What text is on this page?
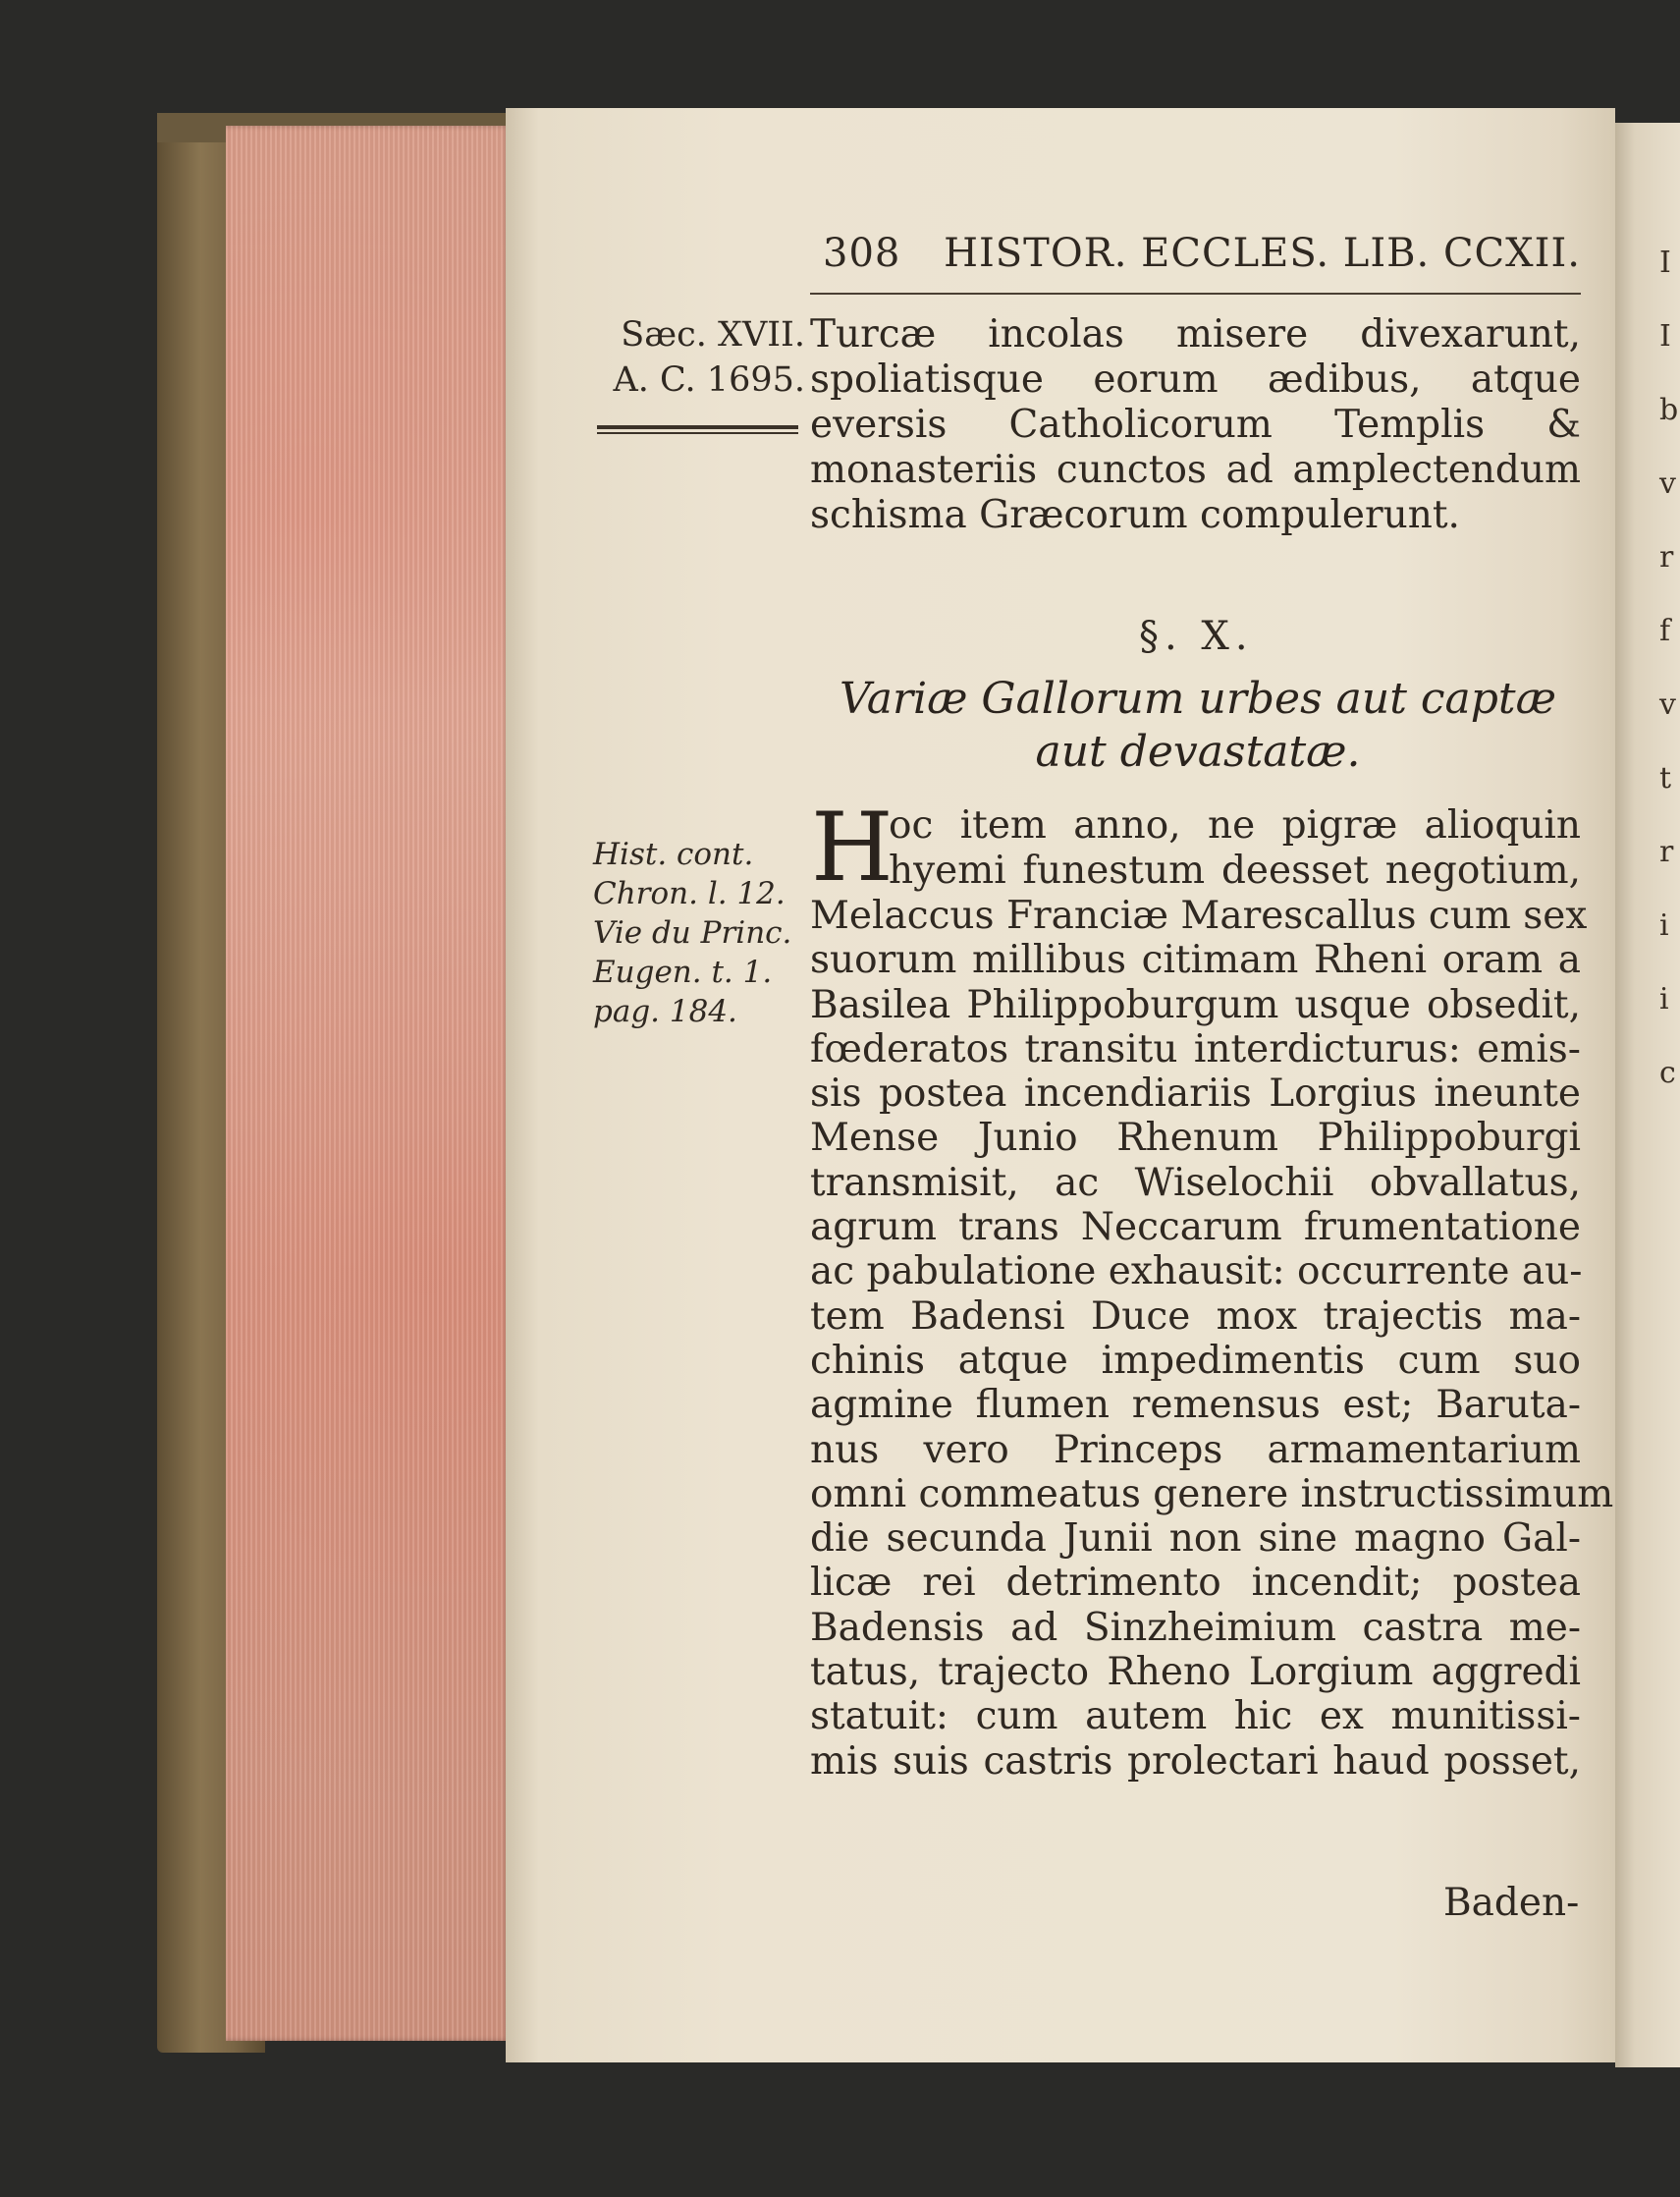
I
I
b
v
r
f
v
t
r
i
i
c
308 HISTOR. ECCLES. LIB. CCXII.
Sæc. XVII.
A. C. 1695.
Turcæ incolas misere divexarunt, spoliatisque eorum ædibus, atque eversis Catholicorum Templis & monasteriis cunctos ad amplectendum schisma Græcorum compulerunt.
§. X.
Variæ Gallorum urbes aut captæ aut devastatæ.
H
oc item anno, ne pigræ alioquin
hyemi funestum deesset negotium,
Hist. cont.
Chron. l. 12.
Vie du Princ.
Eugen. t. 1.
pag. 184.
Melaccus Franciæ Marescallus cum sex
suorum millibus citimam Rheni oram a
Basilea Philippoburgum usque obsedit,
fœderatos transitu interdicturus: emis-
sis postea incendiariis Lorgius ineunte
Mense Junio Rhenum Philippoburgi
transmisit, ac Wiselochii obvallatus,
agrum trans Neccarum frumentatione
ac pabulatione exhausit: occurrente au-
tem Badensi Duce mox trajectis ma-
chinis atque impedimentis cum suo
agmine flumen remensus est; Baruta-
nus vero Princeps armamentarium
omni commeatus genere instructissimum
die secunda Junii non sine magno Gal-
licæ rei detrimento incendit; postea
Badensis ad Sinzheimium castra me-
tatus, trajecto Rheno Lorgium aggredi
statuit: cum autem hic ex munitissi-
mis suis castris prolectari haud posset,
Baden-
